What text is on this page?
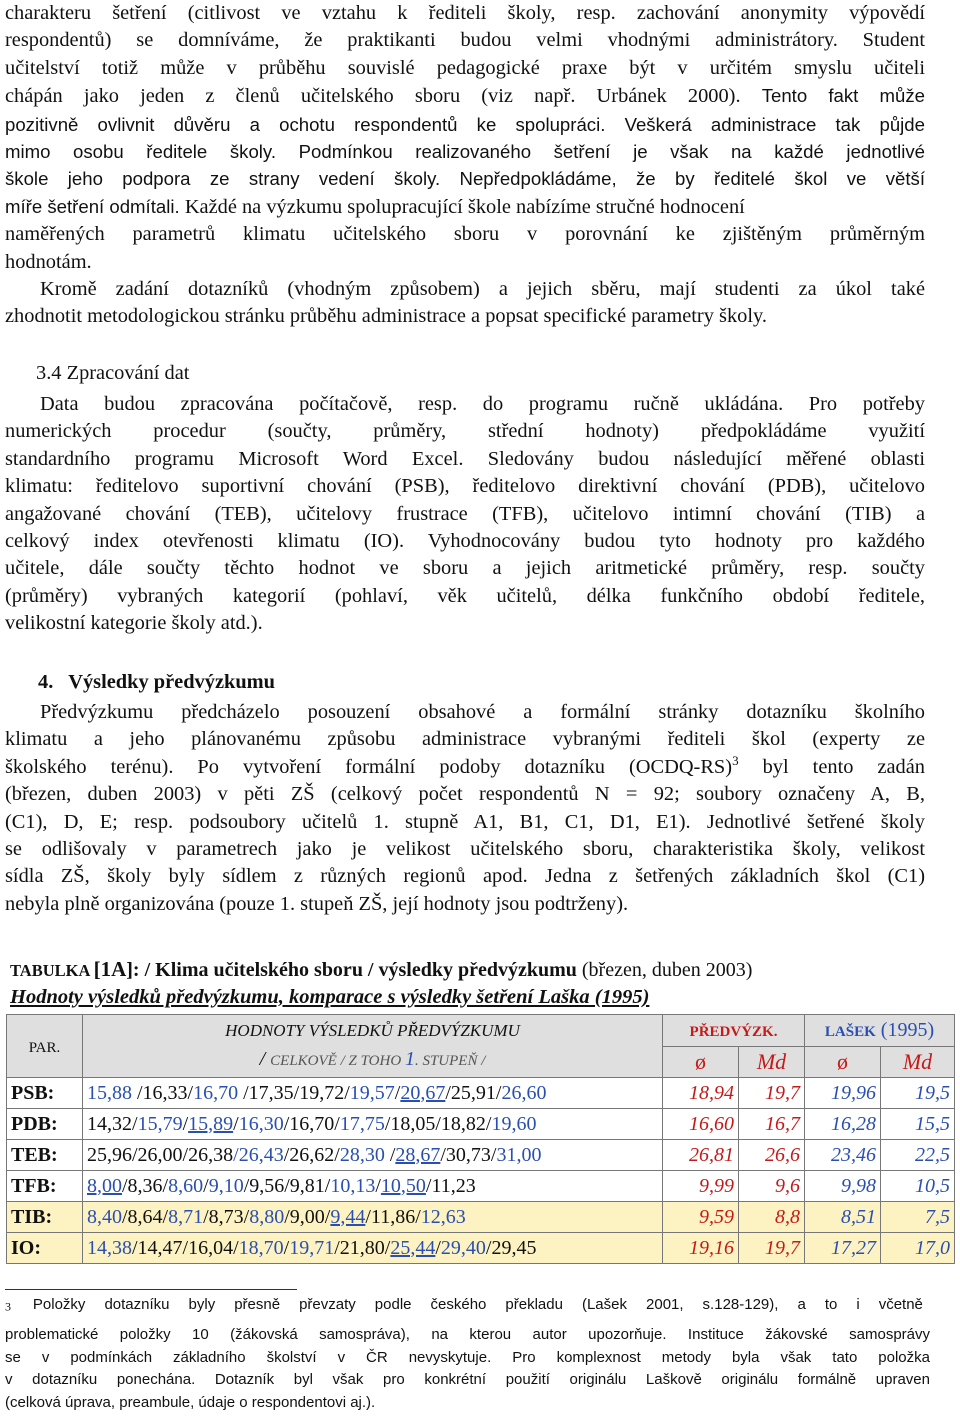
charakteru šetření (citlivost ve vztahu k řediteli školy, resp. zachování anonymity výpovědí
respondentů) se domníváme, že praktikanti budou velmi vhodnými administrátory. Student
učitelství totiž může v průběhu souvislé pedagogické praxe být v určitém smyslu učiteli
chápán jako jeden z členů učitelského sboru (viz např. Urbánek 2000). Tento fakt může
pozitivně ovlivnit důvěru a ochotu respondentů ke spolupráci. Veškerá administrace tak půjde
mimo osobu ředitele školy. Podmínkou realizovaného šetření je však na každé jednotlivé
škole jeho podpora ze strany vedení školy. Nepředpokládáme, že by ředitelé škol ve větší
míře šetření odmítali. Každé na výzkumu spolupracující škole nabízíme stručné hodnocení
naměřených parametrů klimatu učitelského sboru v porovnání ke zjištěným průměrným
hodnotám.
Kromě zadání dotazníků (vhodným způsobem) a jejich sběru, mají studenti za úkol také
zhodnotit metodologickou stránku průběhu administrace a popsat specifické parametry školy.
3.4 Zpracování dat
Data budou zpracována počítačově, resp. do programu ručně ukládána. Pro potřeby
numerických procedur (součty, průměry, střední hodnoty) předpokládáme využití
standardního programu Microsoft Word Excel. Sledovány budou následující měřené oblasti
klimatu: ředitelovo suportivní chování (PSB), ředitelovo direktivní chování (PDB), učitelovo
angažované chování (TEB), učitelovy frustrace (TFB), učitelovo intimní chování (TIB) a
celkový index otevřenosti klimatu (IO). Vyhodnocovány budou tyto hodnoty pro každého
učitele, dále součty těchto hodnot ve sboru a jejich aritmetické průměry, resp. součty
(průměry) vybraných kategorií (pohlaví, věk učitelů, délka funkčního období ředitele,
velikostní kategorie školy atd.).
4. Výsledky předvýzkumu
Předvýzkumu předcházelo posouzení obsahové a formální stránky dotazníku školního
klimatu a jeho plánovanému způsobu administrace vybranými řediteli škol (experty ze
školského terénu). Po vytvoření formální podoby dotazníku (OCDQ-RS)$^3$ byl tento zadán
(březen, duben 2003) v pěti ZŠ (celkový počet respondentů N = 92; soubory označeny A, B,
(C1), D, E; resp. podsoubory učitelů 1. stupně A1, B1, C1, D1, E1). Jednotlivé šetřené školy
se odlišovaly v parametrech jako je velikost učitelského sboru, charakteristika školy, velikost
sídla ZŠ, školy byly sídlem z různých regionů apod. Jedna z šetřených základních škol (C1)
nebyla plně organizována (pouze 1. stupeň ZŠ, její hodnoty jsou podtrženy).
TABULKA [1A]: / Klima učitelského sboru / výsledky předvýzkumu (březen, duben 2003)
Hodnoty výsledků předvýzkumu, komparace s výsledky šetření Laška (1995)
PAR.	HODNOTY VÝSLEDKŮ PŘEDVÝZKUMU
/ CELKOVĚ / Z TOHO 1. STUPEŇ /	PŘEDVÝZK.		LAŠEK (1995)	
		ø	Md	ø	Md
PSB:	15,88 /16,33/16,70 /17,35/19,72/19,57/20,67/25,91/26,60	18,94	19,7	19,96	19,5
PDB:	14,32/15,79/15,89/16,30/16,70/17,75/18,05/18,82/19,60	16,60	16,7	16,28	15,5
TEB:	25,96/26,00/26,38/26,43/26,62/28,30 /28,67/30,73/31,00	26,81	26,6	23,46	22,5
TFB:	8,00/8,36/8,60/9,10/9,56/9,81/10,13/10,50/11,23	9,99	9,6	9,98	10,5
TIB:	8,40/8,64/8,71/8,73/8,80/9,00/9,44/11,86/12,63	9,59	8,8	8,51	7,5
IO:	14,38/14,47/16,04/18,70/19,71/21,80/25,44/29,40/29,45	19,16	19,7	17,27	17,0
$^3$ Položky dotazníku byly přesně převzaty podle českého překladu (Lašek 2001, s.128-129), a to i včetně
problematické položky 10 (žákovská samospráva), na kterou autor upozorňuje. Instituce žákovské samosprávy
se v podmínkách základního školství v ČR nevyskytuje. Pro komplexnost metody byla však tato položka
v dotazníku ponechána. Dotazník byl však pro konkrétní použití originálu Laškově originálu formálně upraven
(celková úprava, preambule, údaje o respondentovi aj.).
